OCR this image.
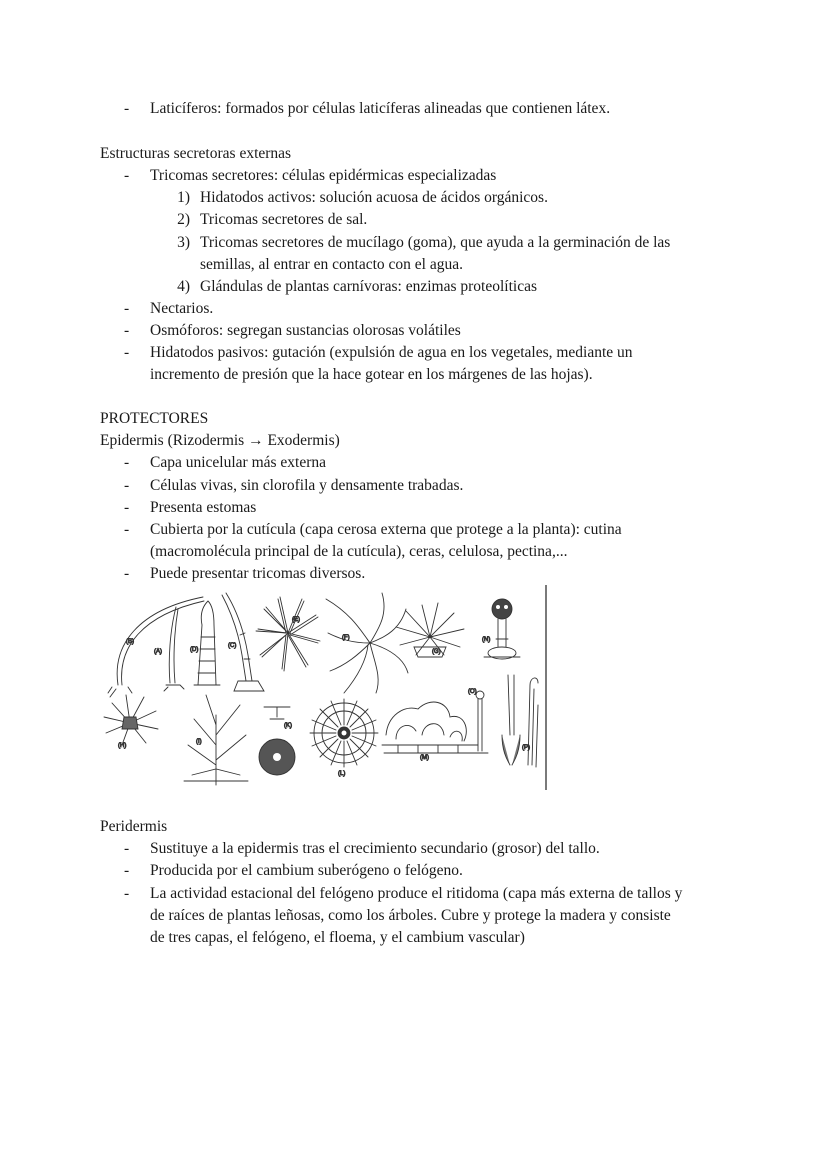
-	Laticíferos: formados por células laticíferas alineadas que contienen látex.
Estructuras secretoras externas
-	Tricomas secretores: células epidérmicas especializadas
1) Hidatodos activos: solución acuosa de ácidos orgánicos.
2) Tricomas secretores de sal.
3) Tricomas secretores de mucílago (goma), que ayuda a la germinación de las
semillas, al entrar en contacto con el agua.
4) Glándulas de plantas carnívoras: enzimas proteolíticas
-	Nectarios.
-	Osmóforos: segregan sustancias olorosas volátiles
-	Hidatodos pasivos: gutación (expulsión de agua en los vegetales, mediante un
incremento de presión que la hace gotear en los márgenes de las hojas).
PROTECTORES
Epidermis (Rizodermis → Exodermis)
-	Capa unicelular más externa
-	Células vivas, sin clorofila y densamente trabadas.
-	Presenta estomas
-	Cubierta por la cutícula (capa cerosa externa que protege a la planta): cutina
(macromolécula principal de la cutícula), ceras, celulosa, pectina,...
-	Puede presentar tricomas diversos.
(B)
(A)	(D)
(C)
(E)
(F)
(G)
(N)
(H)
(I)
(K)
(L)
(M)
(O)
(P)
Peridermis
-	Sustituye a la epidermis tras el crecimiento secundario (grosor) del tallo.
-	Producida por el cambium suberógeno o felógeno.
-	La actividad estacional del felógeno produce el ritidoma (capa más externa de tallos y
de raíces de plantas leñosas, como los árboles. Cubre y protege la madera y consiste
de tres capas, el felógeno, el floema, y el cambium vascular)
